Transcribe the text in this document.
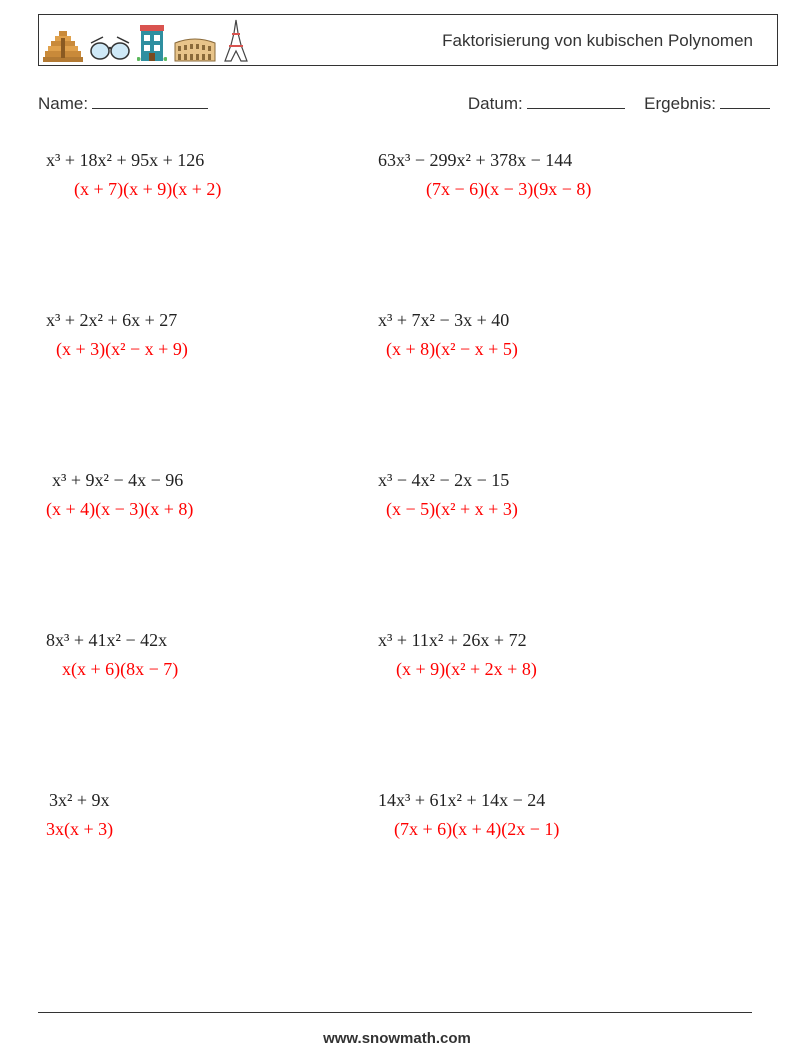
Faktorisierung von kubischen Polynomen
Name:	Datum:	Ergebnis:
x³ + 18x² + 95x + 126
(x + 7)(x + 9)(x + 2)
63x³ − 299x² + 378x − 144
(7x − 6)(x − 3)(9x − 8)
x³ + 2x² + 6x + 27
(x + 3)(x² − x + 9)
x³ + 7x² − 3x + 40
(x + 8)(x² − x + 5)
x³ + 9x² − 4x − 96
(x + 4)(x − 3)(x + 8)
x³ − 4x² − 2x − 15
(x − 5)(x² + x + 3)
8x³ + 41x² − 42x
x(x + 6)(8x − 7)
x³ + 11x² + 26x + 72
(x + 9)(x² + 2x + 8)
3x² + 9x
3x(x + 3)
14x³ + 61x² + 14x − 24
(7x + 6)(x + 4)(2x − 1)
www.snowmath.com
